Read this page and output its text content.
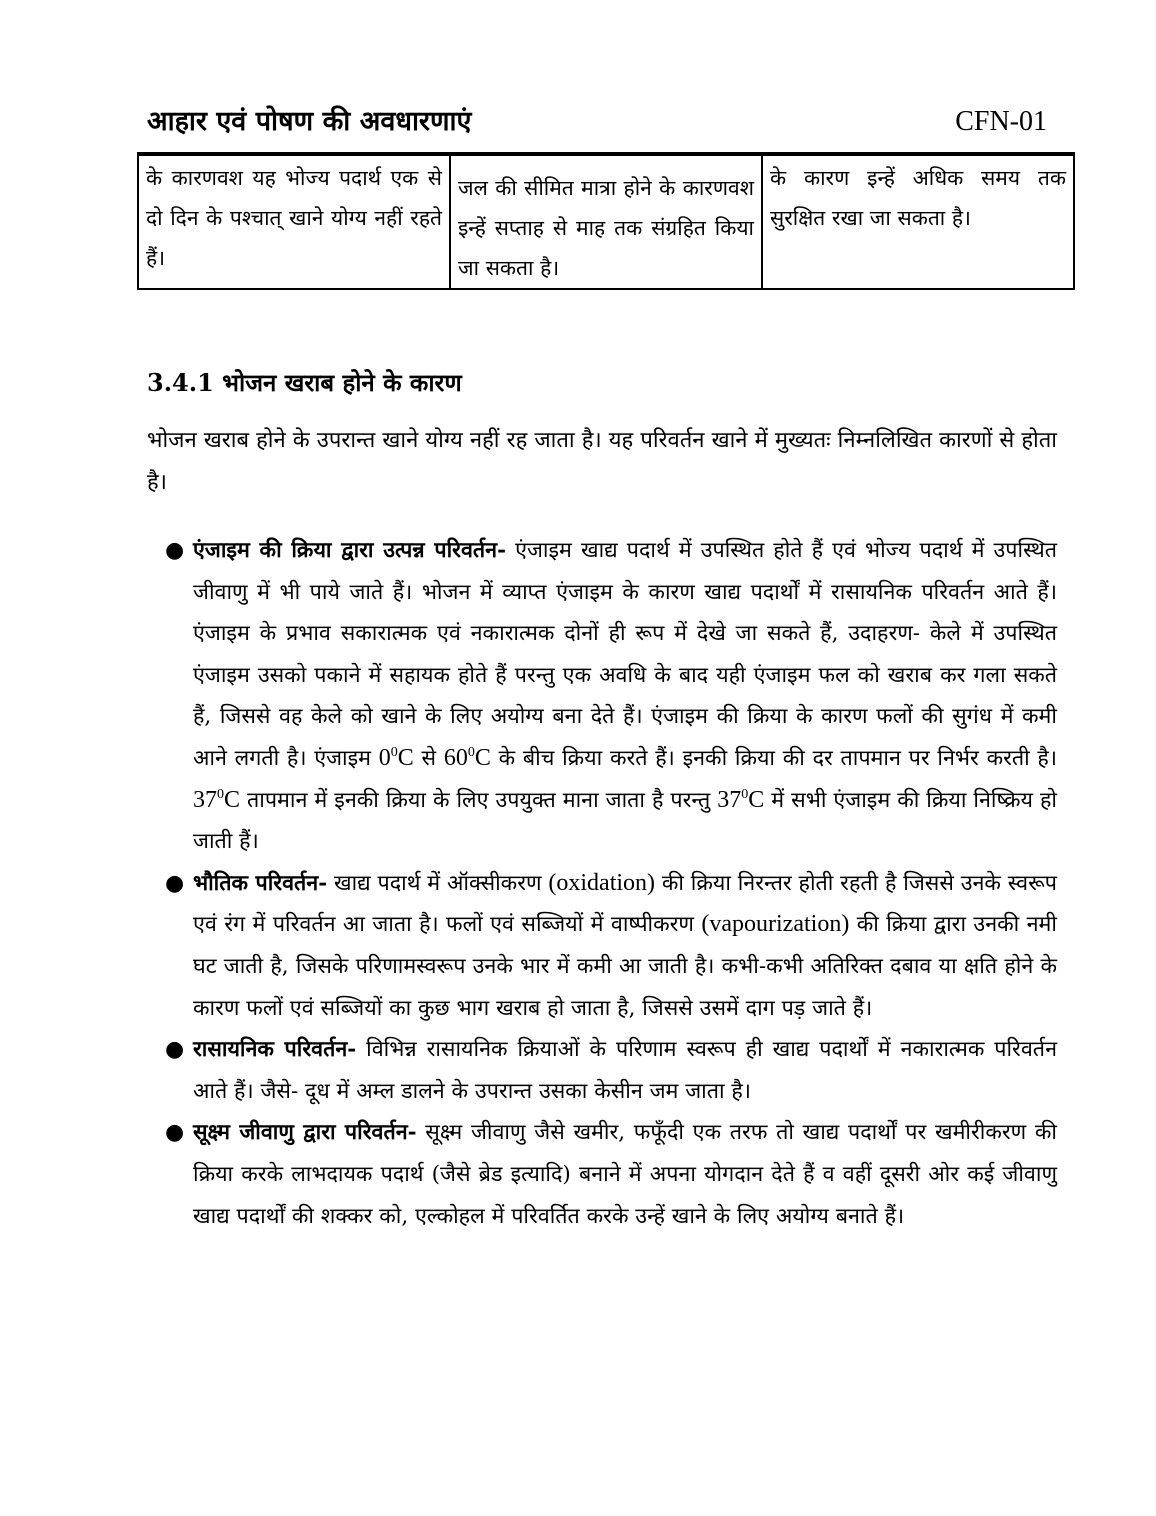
आहार एवं पोषण की अवधारणाएं	CFN-01
के कारणवश यह भोज्य पदार्थ एक से दो दिन के पश्चात् खाने योग्य नहीं रहते हैं।	जल की सीमित मात्रा होने के कारणवश इन्हें सप्ताह से माह तक संग्रहित किया जा सकता है।	के कारण इन्हें अधिक समय तक सुरक्षित रखा जा सकता है।
3.4.1 भोजन खराब होने के कारण
भोजन खराब होने के उपरान्त खाने योग्य नहीं रह जाता है। यह परिवर्तन खाने में मुख्यतः निम्नलिखित कारणों से होता है।
● एंजाइम की क्रिया द्वारा उत्पन्न परिवर्तन- एंजाइम खाद्य पदार्थ में उपस्थित होते हैं एवं भोज्य पदार्थ में उपस्थित जीवाणु में भी पाये जाते हैं। भोजन में व्याप्त एंजाइम के कारण खाद्य पदार्थों में रासायनिक परिवर्तन आते हैं। एंजाइम के प्रभाव सकारात्मक एवं नकारात्मक दोनों ही रूप में देखे जा सकते हैं, उदाहरण- केले में उपस्थित एंजाइम उसको पकाने में सहायक होते हैं परन्तु एक अवधि के बाद यही एंजाइम फल को खराब कर गला सकते हैं, जिससे वह केले को खाने के लिए अयोग्य बना देते हैं। एंजाइम की क्रिया के कारण फलों की सुगंध में कमी आने लगती है। एंजाइम $0^0C$ से $60^0C$ के बीच क्रिया करते हैं। इनकी क्रिया की दर तापमान पर निर्भर करती है। $37^0C$ तापमान में इनकी क्रिया के लिए उपयुक्त माना जाता है परन्तु $37^0C$ में सभी एंजाइम की क्रिया निष्क्रिय हो जाती हैं।
● भौतिक परिवर्तन- खाद्य पदार्थ में ऑक्सीकरण (oxidation) की क्रिया निरन्तर होती रहती है जिससे उनके स्वरूप एवं रंग में परिवर्तन आ जाता है। फलों एवं सब्जियों में वाष्पीकरण (vapourization) की क्रिया द्वारा उनकी नमी घट जाती है, जिसके परिणामस्वरूप उनके भार में कमी आ जाती है। कभी-कभी अतिरिक्त दबाव या क्षति होने के कारण फलों एवं सब्जियों का कुछ भाग खराब हो जाता है, जिससे उसमें दाग पड़ जाते हैं।
● रासायनिक परिवर्तन- विभिन्न रासायनिक क्रियाओं के परिणाम स्वरूप ही खाद्य पदार्थों में नकारात्मक परिवर्तन आते हैं। जैसे- दूध में अम्ल डालने के उपरान्त उसका केसीन जम जाता है।
● सूक्ष्म जीवाणु द्वारा परिवर्तन- सूक्ष्म जीवाणु जैसे खमीर, फफूँदी एक तरफ तो खाद्य पदार्थों पर खमीरीकरण की क्रिया करके लाभदायक पदार्थ (जैसे ब्रेड इत्यादि) बनाने में अपना योगदान देते हैं व वहीं दूसरी ओर कई जीवाणु खाद्य पदार्थों की शक्कर को, एल्कोहल में परिवर्तित करके उन्हें खाने के लिए अयोग्य बनाते हैं।
